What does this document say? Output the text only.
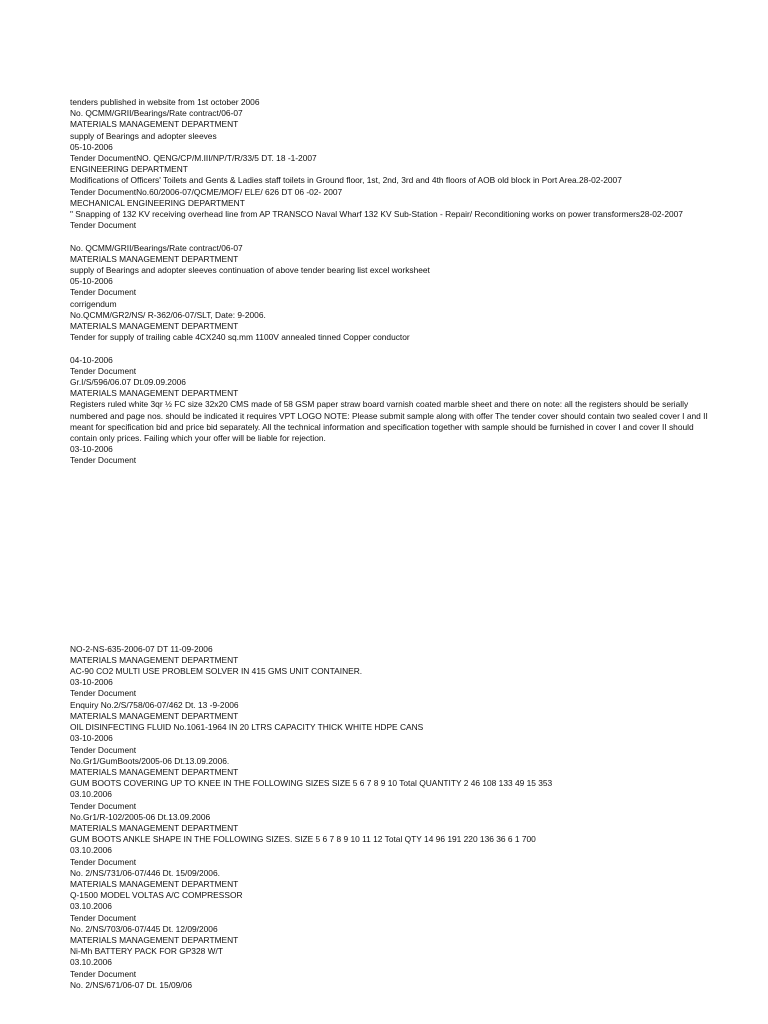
tenders published in website from 1st october 2006
No. QCMM/GRII/Bearings/Rate contract/06-07
MATERIALS MANAGEMENT DEPARTMENT
supply of Bearings and adopter sleeves
05-10-2006
Tender DocumentNO. QENG/CP/M.III/NP/T/R/33/5 DT. 18 -1-2007
ENGINEERING DEPARTMENT
Modifications of Officers' Toilets and Gents & Ladies staff toilets in Ground floor, 1st, 2nd, 3rd and 4th floors of AOB old block in Port Area.28-02-2007
Tender DocumentNo.60/2006-07/QCME/MOF/ ELE/ 626 DT 06 -02- 2007
MECHANICAL ENGINEERING DEPARTMENT
" Snapping of 132 KV receiving overhead line from AP TRANSCO Naval Wharf 132 KV Sub-Station - Repair/ Reconditioning works on power transformers28-02-2007
Tender Document
No. QCMM/GRII/Bearings/Rate contract/06-07
MATERIALS MANAGEMENT DEPARTMENT
supply of Bearings and adopter sleeves continuation of above tender bearing list excel worksheet
05-10-2006
Tender Document
corrigendum
No.QCMM/GR2/NS/ R-362/06-07/SLT, Date: 9-2006.
MATERIALS MANAGEMENT DEPARTMENT
Tender for supply of trailing cable 4CX240 sq.mm 1100V annealed tinned Copper conductor
04-10-2006
Tender Document
Gr.I/S/596/06.07 Dt.09.09.2006
MATERIALS MANAGEMENT DEPARTMENT
Registers ruled white 3qr ½ FC size 32x20 CMS made of 58 GSM paper straw board varnish coated marble sheet and there on note: all the registers should be serially numbered and page nos. should be indicated it requires VPT LOGO NOTE: Please submit sample along with offer The tender cover should contain two sealed cover I and II meant for specification bid and price bid separately. All the technical information and specification together with sample should be furnished in cover I and cover II should contain only prices. Failing which your offer will be liable for rejection.
03-10-2006
Tender Document
NO-2-NS-635-2006-07 DT 11-09-2006
MATERIALS MANAGEMENT DEPARTMENT
AC-90 CO2 MULTI USE PROBLEM SOLVER IN 415 GMS UNIT CONTAINER.
03-10-2006
Tender Document
Enquiry No.2/S/758/06-07/462 Dt. 13 -9-2006
MATERIALS MANAGEMENT DEPARTMENT
OIL DISINFECTING FLUID No.1061-1964 IN 20 LTRS CAPACITY THICK WHITE HDPE CANS
03-10-2006
Tender Document
No.Gr1/GumBoots/2005-06 Dt.13.09.2006.
MATERIALS MANAGEMENT DEPARTMENT
GUM BOOTS COVERING UP TO KNEE IN THE FOLLOWING SIZES SIZE 5 6 7 8 9 10 Total QUANTITY 2 46 108 133 49 15 353
03.10.2006
Tender Document
No.Gr1/R-102/2005-06 Dt.13.09.2006
MATERIALS MANAGEMENT DEPARTMENT
GUM BOOTS ANKLE SHAPE IN THE FOLLOWING SIZES. SIZE 5 6 7 8 9 10 11 12 Total QTY 14 96 191 220 136 36 6 1 700
03.10.2006
Tender Document
No. 2/NS/731/06-07/446 Dt. 15/09/2006.
MATERIALS MANAGEMENT DEPARTMENT
Q-1500 MODEL VOLTAS A/C COMPRESSOR
03.10.2006
Tender Document
No. 2/NS/703/06-07/445 Dt. 12/09/2006
MATERIALS MANAGEMENT DEPARTMENT
Ni-Mh BATTERY PACK FOR GP328 W/T
03.10.2006
Tender Document
No. 2/NS/671/06-07 Dt. 15/09/06
